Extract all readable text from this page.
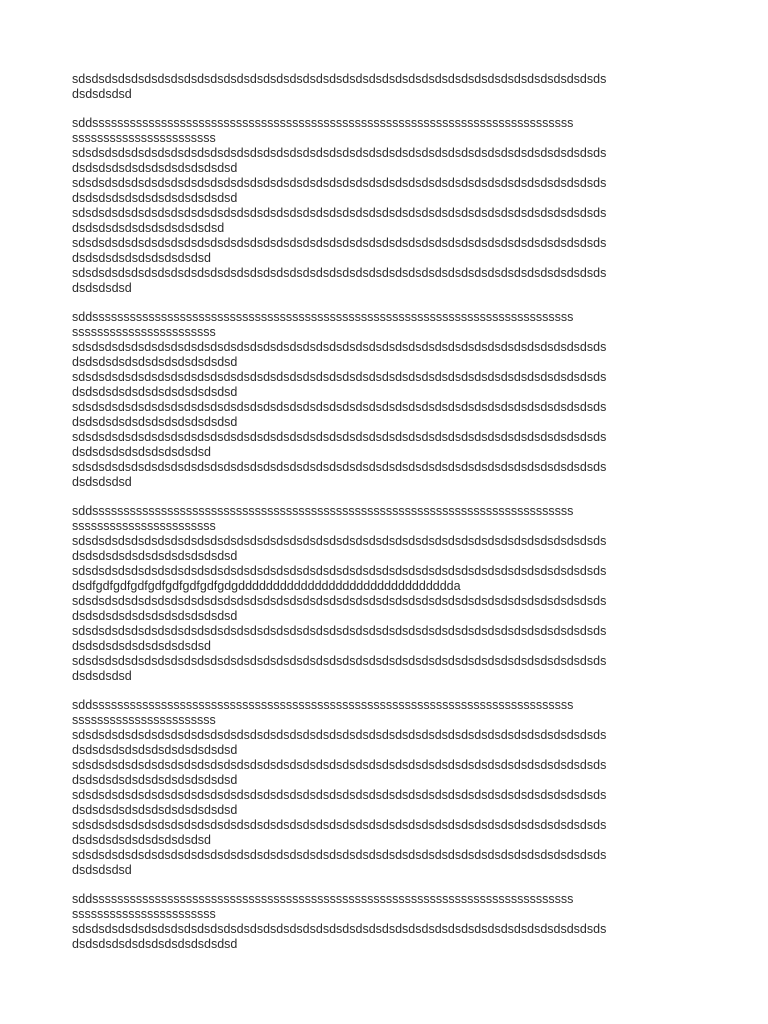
sdsdsdsdsdsdsdsdsdsdsdsdsdsdsdsdsdsdsdsdsdsdsdsdsdsdsdsdsdsdsdsdsdsdsdsdsdsdsdsds
dsdsdsdsd
sddsssssssssssssssssssssssssssssssssssssssssssssssssssssssssssssssssssssssssssss
sssssssssssssssssssssss
sdsdsdsdsdsdsdsdsdsdsdsdsdsdsdsdsdsdsdsdsdsdsdsdsdsdsdsdsdsdsdsdsdsdsdsdsdsdsdsds
dsdsdsdsdsdsdsdsdsdsdsdsd
sdsdsdsdsdsdsdsdsdsdsdsdsdsdsdsdsdsdsdsdsdsdsdsdsdsdsdsdsdsdsdsdsdsdsdsdsdsdsdsds
dsdsdsdsdsdsdsdsdsdsdsdsd
sdsdsdsdsdsdsdsdsdsdsdsdsdsdsdsdsdsdsdsdsdsdsdsdsdsdsdsdsdsdsdsdsdsdsdsdsdsdsdsds
dsdsdsdsdsdsdsdsdsdsdsd
sdsdsdsdsdsdsdsdsdsdsdsdsdsdsdsdsdsdsdsdsdsdsdsdsdsdsdsdsdsdsdsdsdsdsdsdsdsdsdsds
dsdsdsdsdsdsdsdsdsdsd
sdsdsdsdsdsdsdsdsdsdsdsdsdsdsdsdsdsdsdsdsdsdsdsdsdsdsdsdsdsdsdsdsdsdsdsdsdsdsdsds
dsdsdsdsd
sddsssssssssssssssssssssssssssssssssssssssssssssssssssssssssssssssssssssssssssss
sssssssssssssssssssssss
sdsdsdsdsdsdsdsdsdsdsdsdsdsdsdsdsdsdsdsdsdsdsdsdsdsdsdsdsdsdsdsdsdsdsdsdsdsdsdsds
dsdsdsdsdsdsdsdsdsdsdsdsd
sdsdsdsdsdsdsdsdsdsdsdsdsdsdsdsdsdsdsdsdsdsdsdsdsdsdsdsdsdsdsdsdsdsdsdsdsdsdsdsds
dsdsdsdsdsdsdsdsdsdsdsdsd
sdsdsdsdsdsdsdsdsdsdsdsdsdsdsdsdsdsdsdsdsdsdsdsdsdsdsdsdsdsdsdsdsdsdsdsdsdsdsdsds
dsdsdsdsdsdsdsdsdsdsdsdsd
sdsdsdsdsdsdsdsdsdsdsdsdsdsdsdsdsdsdsdsdsdsdsdsdsdsdsdsdsdsdsdsdsdsdsdsdsdsdsdsds
dsdsdsdsdsdsdsdsdsdsd
sdsdsdsdsdsdsdsdsdsdsdsdsdsdsdsdsdsdsdsdsdsdsdsdsdsdsdsdsdsdsdsdsdsdsdsdsdsdsdsds
dsdsdsdsd
sddsssssssssssssssssssssssssssssssssssssssssssssssssssssssssssssssssssssssssssss
sssssssssssssssssssssss
sdsdsdsdsdsdsdsdsdsdsdsdsdsdsdsdsdsdsdsdsdsdsdsdsdsdsdsdsdsdsdsdsdsdsdsdsdsdsdsds
dsdsdsdsdsdsdsdsdsdsdsdsd
sdsdsdsdsdsdsdsdsdsdsdsdsdsdsdsdsdsdsdsdsdsdsdsdsdsdsdsdsdsdsdsdsdsdsdsdsdsdsdsds
dsdfgdfgdfgdfgdfgdfgdfgdfgdgddddddddddddddddddddddddddddddda
sdsdsdsdsdsdsdsdsdsdsdsdsdsdsdsdsdsdsdsdsdsdsdsdsdsdsdsdsdsdsdsdsdsdsdsdsdsdsdsds
dsdsdsdsdsdsdsdsdsdsdsdsd
sdsdsdsdsdsdsdsdsdsdsdsdsdsdsdsdsdsdsdsdsdsdsdsdsdsdsdsdsdsdsdsdsdsdsdsdsdsdsdsds
dsdsdsdsdsdsdsdsdsdsd
sdsdsdsdsdsdsdsdsdsdsdsdsdsdsdsdsdsdsdsdsdsdsdsdsdsdsdsdsdsdsdsdsdsdsdsdsdsdsdsds
dsdsdsdsd
sddsssssssssssssssssssssssssssssssssssssssssssssssssssssssssssssssssssssssssssss
sssssssssssssssssssssss
sdsdsdsdsdsdsdsdsdsdsdsdsdsdsdsdsdsdsdsdsdsdsdsdsdsdsdsdsdsdsdsdsdsdsdsdsdsdsdsds
dsdsdsdsdsdsdsdsdsdsdsdsd
sdsdsdsdsdsdsdsdsdsdsdsdsdsdsdsdsdsdsdsdsdsdsdsdsdsdsdsdsdsdsdsdsdsdsdsdsdsdsdsds
dsdsdsdsdsdsdsdsdsdsdsdsd
sdsdsdsdsdsdsdsdsdsdsdsdsdsdsdsdsdsdsdsdsdsdsdsdsdsdsdsdsdsdsdsdsdsdsdsdsdsdsdsds
dsdsdsdsdsdsdsdsdsdsdsdsd
sdsdsdsdsdsdsdsdsdsdsdsdsdsdsdsdsdsdsdsdsdsdsdsdsdsdsdsdsdsdsdsdsdsdsdsdsdsdsdsds
dsdsdsdsdsdsdsdsdsdsd
sdsdsdsdsdsdsdsdsdsdsdsdsdsdsdsdsdsdsdsdsdsdsdsdsdsdsdsdsdsdsdsdsdsdsdsdsdsdsdsds
dsdsdsdsd
sddsssssssssssssssssssssssssssssssssssssssssssssssssssssssssssssssssssssssssssss
sssssssssssssssssssssss
sdsdsdsdsdsdsdsdsdsdsdsdsdsdsdsdsdsdsdsdsdsdsdsdsdsdsdsdsdsdsdsdsdsdsdsdsdsdsdsds
dsdsdsdsdsdsdsdsdsdsdsdsd
